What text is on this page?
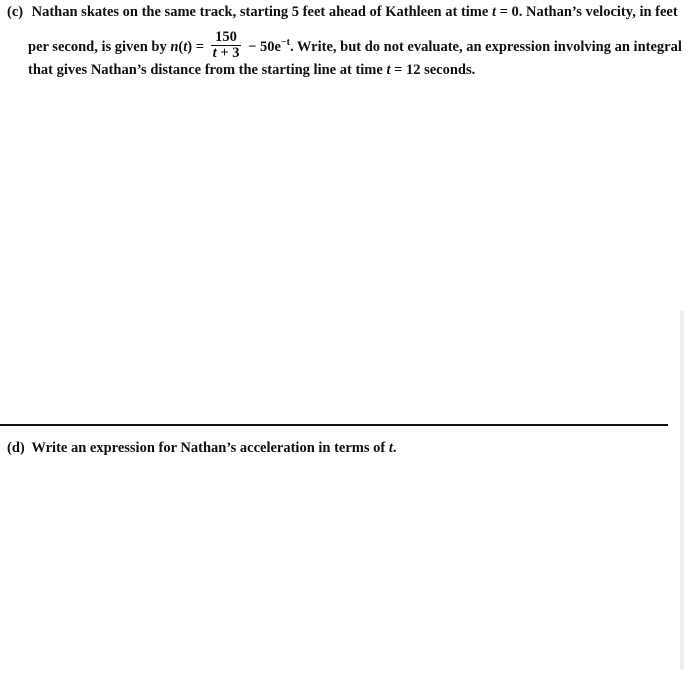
(c) Nathan skates on the same track, starting 5 feet ahead of Kathleen at time t = 0. Nathan’s velocity, in feet
per second, is given by $n(t) = \frac{150}{t + 3} - 50e^{-t}$. Write, but do not evaluate, an expression involving an integral
that gives Nathan’s distance from the starting line at time t = 12 seconds.
(d) Write an expression for Nathan’s acceleration in terms of t.
